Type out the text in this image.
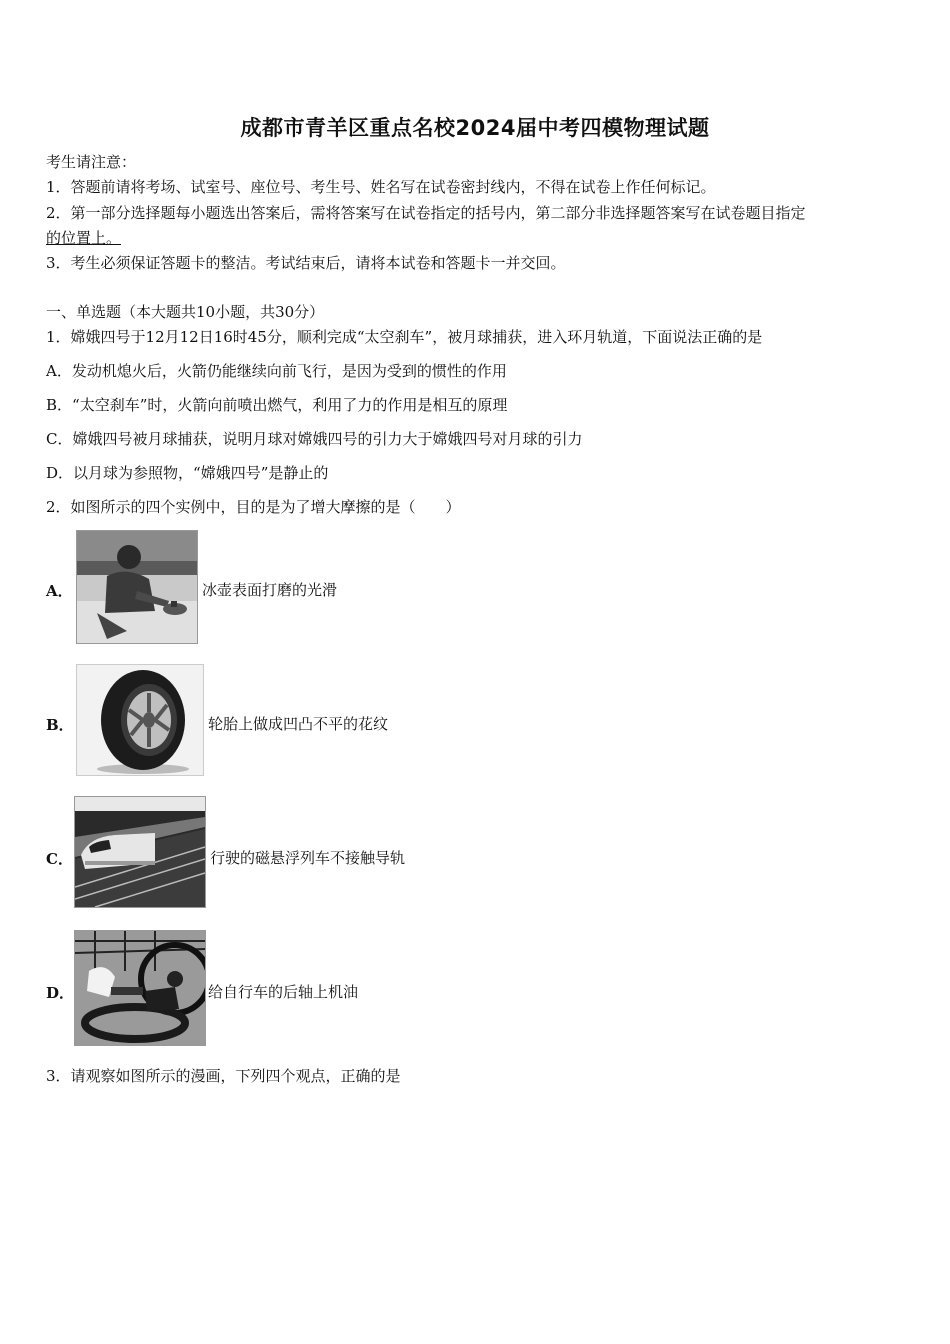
成都市青羊区重点名校2024届中考四模物理试题
考生请注意：
1．答题前请将考场、试室号、座位号、考生号、姓名写在试卷密封线内，不得在试卷上作任何标记。
2．第一部分选择题每小题选出答案后，需将答案写在试卷指定的括号内，第二部分非选择题答案写在试卷题目指定
的位置上。
3．考生必须保证答题卡的整洁。考试结束后，请将本试卷和答题卡一并交回。
一、单选题（本大题共10小题，共30分）
1．嫦娥四号于12月12日16时45分，顺利完成“太空刹车”，被月球捕获，进入环月轨道，下面说法正确的是
A．发动机熄火后，火箭仍能继续向前飞行，是因为受到的惯性的作用
B．“太空刹车”时，火箭向前喷出燃气，利用了力的作用是相互的原理
C．嫦娥四号被月球捕获，说明月球对嫦娥四号的引力大于嫦娥四号对月球的引力
D．以月球为参照物，“嫦娥四号”是静止的
2．如图所示的四个实例中，目的是为了增大摩擦的是（　　）
A．	冰壶表面打磨的光滑
B．	轮胎上做成凹凸不平的花纹
C．	行驶的磁悬浮列车不接触导轨
D．	给自行车的后轴上机油
3．请观察如图所示的漫画，下列四个观点，正确的是
